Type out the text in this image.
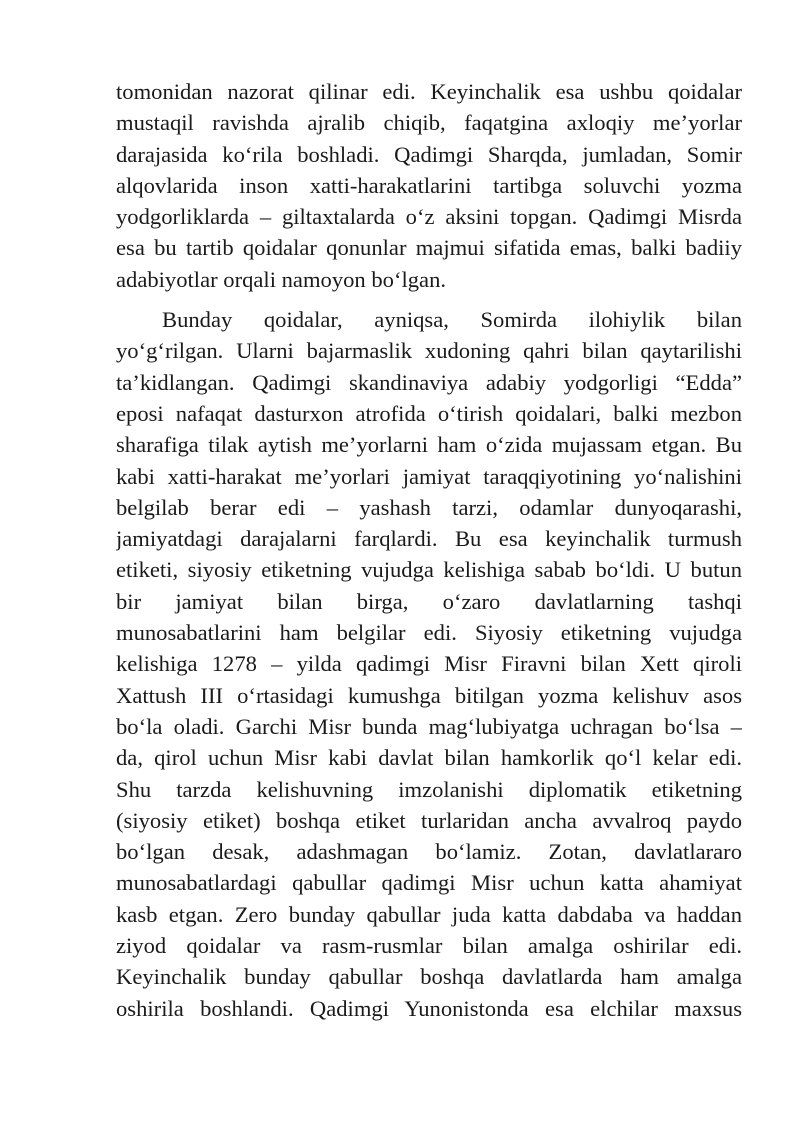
tomonidan nazorat qilinar edi. Keyinchalik esa ushbu qoidalar
mustaqil ravishda ajralib chiqib, faqatgina axloqiy me’yorlar
darajasida ko‘rila boshladi. Qadimgi Sharqda, jumladan, Somir
alqovlarida inson xatti-harakatlarini tartibga soluvchi yozma
yodgorliklarda – giltaxtalarda o‘z aksini topgan. Qadimgi Misrda
esa bu tartib qoidalar qonunlar majmui sifatida emas, balki badiiy
adabiyotlar orqali namoyon bo‘lgan.
Bunday qoidalar, ayniqsa, Somirda ilohiylik bilan
yo‘g‘rilgan. Ularni bajarmaslik xudoning qahri bilan qaytarilishi
ta’kidlangan. Qadimgi skandinaviya adabiy yodgorligi “Edda”
eposi nafaqat dasturxon atrofida o‘tirish qoidalari, balki mezbon
sharafiga tilak aytish me’yorlarni ham o‘zida mujassam etgan. Bu
kabi xatti-harakat me’yorlari jamiyat taraqqiyotining yo‘nalishini
belgilab berar edi – yashash tarzi, odamlar dunyoqarashi,
jamiyatdagi darajalarni farqlardi. Bu esa keyinchalik turmush
etiketi, siyosiy etiketning vujudga kelishiga sabab bo‘ldi. U butun
bir jamiyat bilan birga, o‘zaro davlatlarning tashqi
munosabatlarini ham belgilar edi. Siyosiy etiketning vujudga
kelishiga 1278 – yilda qadimgi Misr Firavni bilan Xett qiroli
Xattush III o‘rtasidagi kumushga bitilgan yozma kelishuv asos
bo‘la oladi. Garchi Misr bunda mag‘lubiyatga uchragan bo‘lsa –
da, qirol uchun Misr kabi davlat bilan hamkorlik qo‘l kelar edi.
Shu tarzda kelishuvning imzolanishi diplomatik etiketning
(siyosiy etiket) boshqa etiket turlaridan ancha avvalroq paydo
bo‘lgan desak, adashmagan bo‘lamiz. Zotan, davlatlararo
munosabatlardagi qabullar qadimgi Misr uchun katta ahamiyat
kasb etgan. Zero bunday qabullar juda katta dabdaba va haddan
ziyod qoidalar va rasm-rusmlar bilan amalga oshirilar edi.
Keyinchalik bunday qabullar boshqa davlatlarda ham amalga
oshirila boshlandi. Qadimgi Yunonistonda esa elchilar maxsus
